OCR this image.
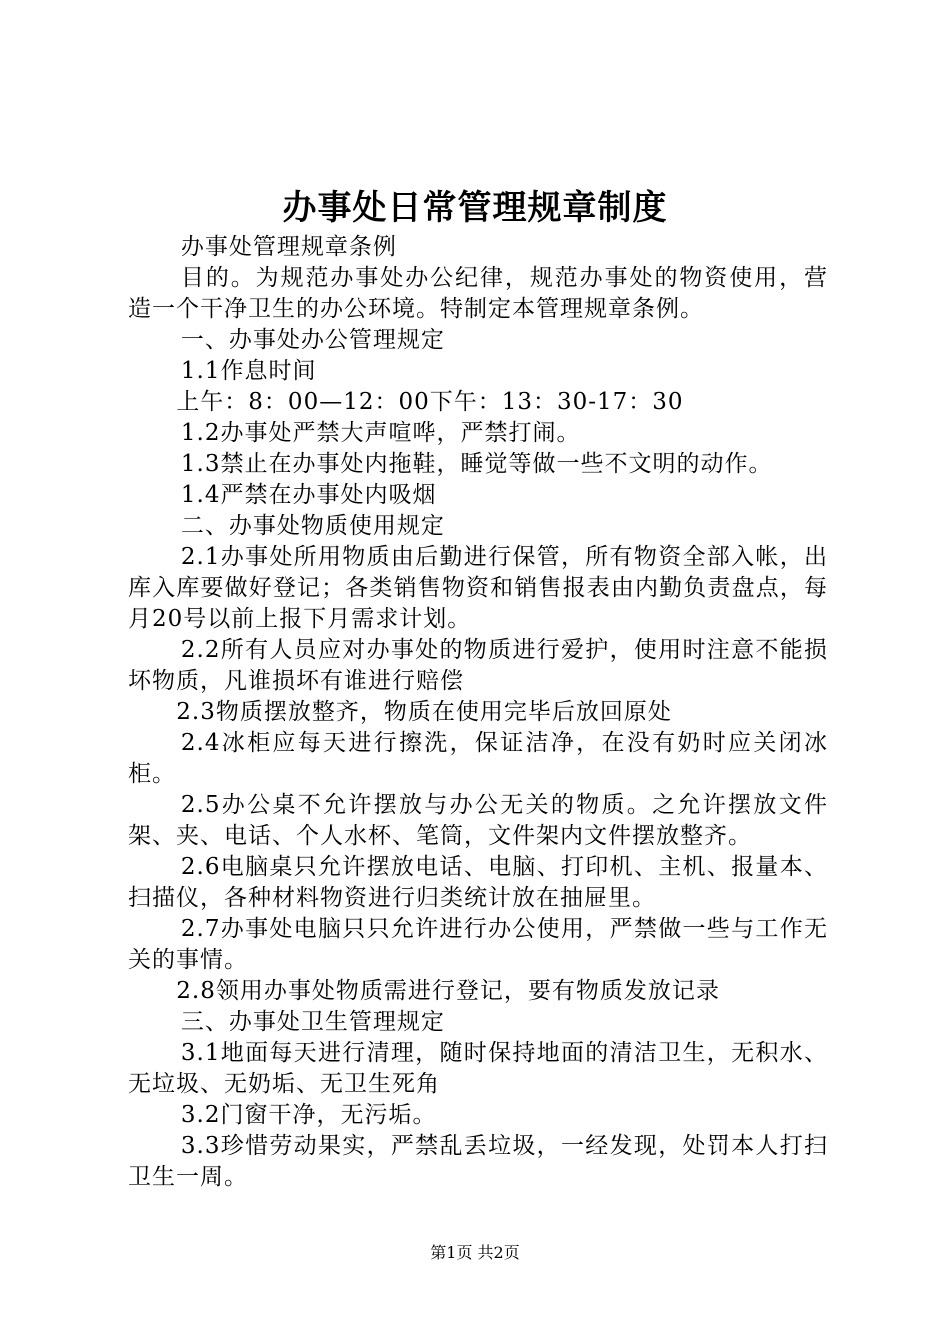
办事处日常管理规章制度

办事处管理规章条例

目的。为规范办事处办公纪律，规范办事处的物资使用，营造一个干净卫生的办公环境。特制定本管理规章条例。

一、办事处办公管理规定

1.1作息时间

上午：8：00—12：00下午：13：30-17：30

1.2办事处严禁大声喧哗，严禁打闹。

1.3禁止在办事处内拖鞋，睡觉等做一些不文明的动作。

1.4严禁在办事处内吸烟

二、办事处物质使用规定

2.1办事处所用物质由后勤进行保管，所有物资全部入帐，出库入库要做好登记；各类销售物资和销售报表由内勤负责盘点，每月20号以前上报下月需求计划。

2.2所有人员应对办事处的物质进行爱护，使用时注意不能损坏物质，凡谁损坏有谁进行赔偿

2.3物质摆放整齐，物质在使用完毕后放回原处

2.4冰柜应每天进行擦洗，保证洁净，在没有奶时应关闭冰柜。

2.5办公桌不允许摆放与办公无关的物质。之允许摆放文件架、夹、电话、个人水杯、笔筒，文件架内文件摆放整齐。

2.6电脑桌只允许摆放电话、电脑、打印机、主机、报量本、扫描仪，各种材料物资进行归类统计放在抽屉里。

2.7办事处电脑只只允许进行办公使用，严禁做一些与工作无关的事情。

2.8领用办事处物质需进行登记，要有物质发放记录

三、办事处卫生管理规定

3.1地面每天进行清理，随时保持地面的清洁卫生，无积水、无垃圾、无奶垢、无卫生死角

3.2门窗干净，无污垢。

3.3珍惜劳动果实，严禁乱丢垃圾，一经发现，处罚本人打扫卫生一周。

第1页 共2页
